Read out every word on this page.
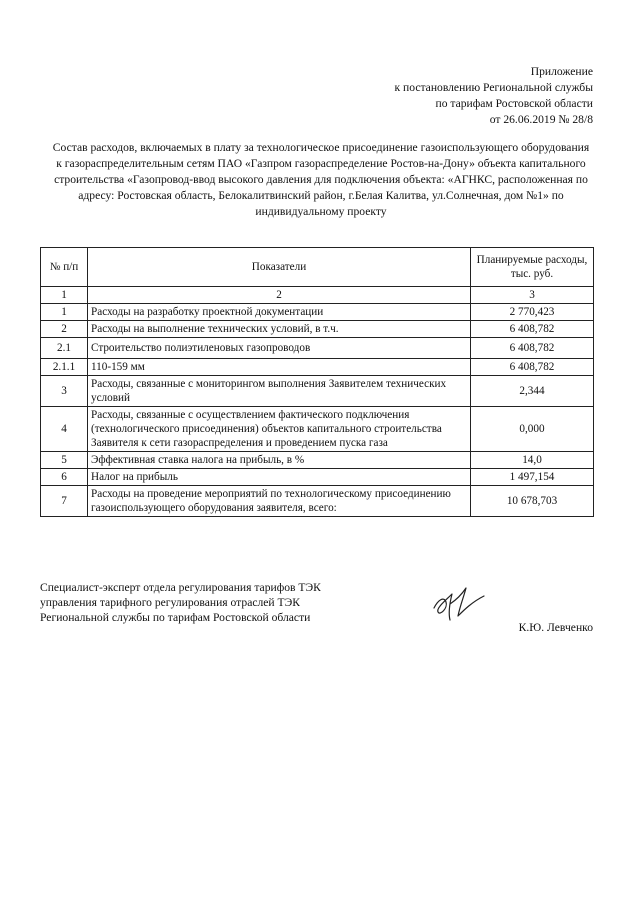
Приложение
к постановлению Региональной службы
по тарифам Ростовской области
от 26.06.2019 № 28/8
Состав расходов, включаемых в плату за технологическое присоединение газоиспользующего оборудования
к газораспределительным сетям ПАО «Газпром газораспределение Ростов-на-Дону» объекта капитального
строительства «Газопровод-ввод высокого давления для подключения объекта: «АГНКС, расположенная по
адресу: Ростовская область, Белокалитвинский район, г.Белая Калитва, ул.Солнечная, дом №1» по
индивидуальному проекту
№ п/п	Показатели	Планируемые расходы, тыс. руб.
1	2	3
1	Расходы на разработку проектной документации	2 770,423
2	Расходы на выполнение технических условий, в т.ч.	6 408,782
2.1	Строительство полиэтиленовых газопроводов	6 408,782
2.1.1	110-159 мм	6 408,782
3	Расходы, связанные с мониторингом выполнения Заявителем технических условий	2,344
4	Расходы, связанные с осуществлением фактического подключения (технологического присоединения) объектов капитального строительства Заявителя к сети газораспределения и проведением пуска газа	0,000
5	Эффективная ставка налога на прибыль, в %	14,0
6	Налог на прибыль	1 497,154
7	Расходы на проведение мероприятий по технологическому присоединению газоиспользующего оборудования заявителя, всего:	10 678,703
Специалист-эксперт отдела регулирования тарифов ТЭК
управления тарифного регулирования отраслей ТЭК
Региональной службы по тарифам Ростовской области
К.Ю. Левченко
